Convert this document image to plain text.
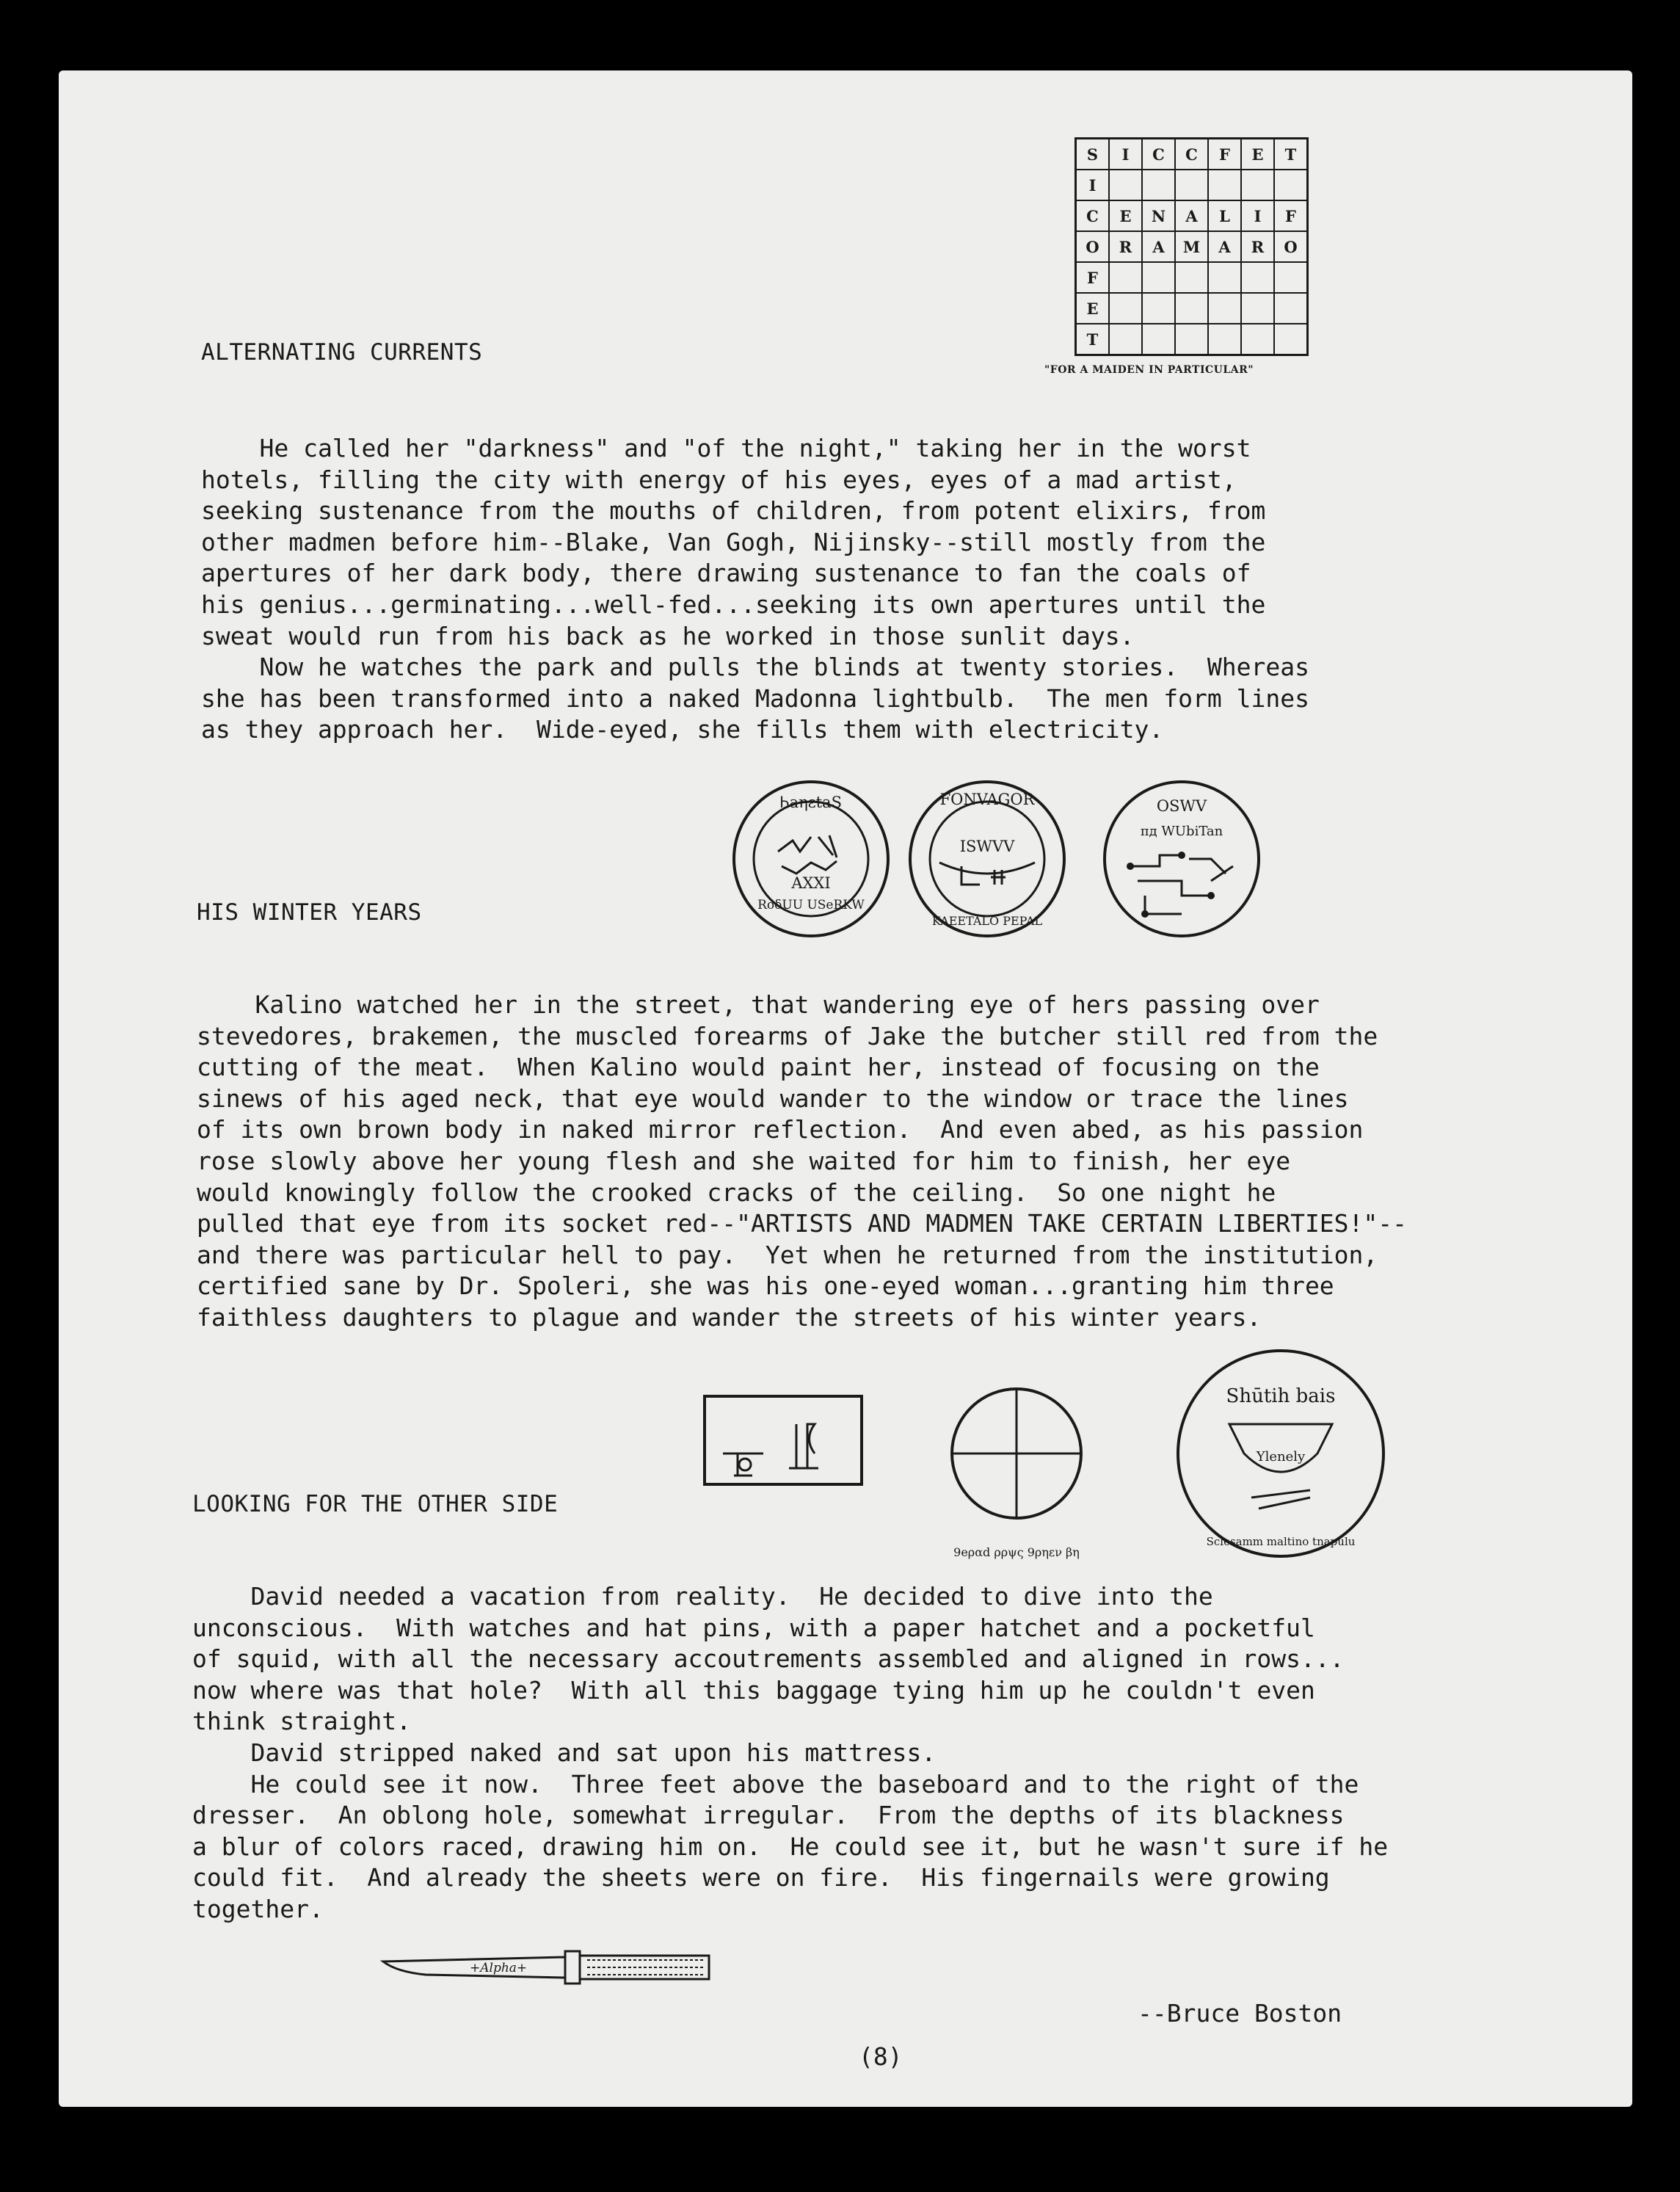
S	I	C	C	F	E	T
I
C	E	N	A	L	I	F
O	R	A	M	A	R	O
F
E
T
"FOR A MAIDEN IN PARTICULAR"
ALTERNATING CURRENTS
He called her "darkness" and "of the night," taking her in the worst
hotels, filling the city with energy of his eyes, eyes of a mad artist,
seeking sustenance from the mouths of children, from potent elixirs, from
other madmen before him--Blake, Van Gogh, Nijinsky--still mostly from the
apertures of her dark body, there drawing sustenance to fan the coals of
his genius...germinating...well-fed...seeking its own apertures until the
sweat would run from his back as he worked in those sunlit days.
Now he watches the park and pulls the blinds at twenty stories.  Whereas
she has been transformed into a naked Madonna lightbulb.  The men form lines
as they approach her.  Wide-eyed, she fills them with electricity.
ᏂaηɛtaS
RoδUU USeRKW
AXXI
FONVAGOR
ISWVV
KAEETALO PEPAL
OSWV
πд WUbiTan
HIS WINTER YEARS
Kalino watched her in the street, that wandering eye of hers passing over
stevedores, brakemen, the muscled forearms of Jake the butcher still red from the
cutting of the meat.  When Kalino would paint her, instead of focusing on the
sinews of his aged neck, that eye would wander to the window or trace the lines
of its own brown body in naked mirror reflection.  And even abed, as his passion
rose slowly above her young flesh and she waited for him to finish, her eye
would knowingly follow the crooked cracks of the ceiling.  So one night he
pulled that eye from its socket red--"ARTISTS AND MADMEN TAKE CERTAIN LIBERTIES!"--
and there was particular hell to pay.  Yet when he returned from the institution,
certified sane by Dr. Spoleri, she was his one-eyed woman...granting him three
faithless daughters to plague and wander the streets of his winter years.
9eραd ρρψς 9ρηεν βη
Shūtih bais
Ylenely
Sclesamm maltino tnapulu
LOOKING FOR THE OTHER SIDE
David needed a vacation from reality.  He decided to dive into the
unconscious.  With watches and hat pins, with a paper hatchet and a pocketful
of squid, with all the necessary accoutrements assembled and aligned in rows...
now where was that hole?  With all this baggage tying him up he couldn't even
think straight.
David stripped naked and sat upon his mattress.
He could see it now.  Three feet above the baseboard and to the right of the
dresser.  An oblong hole, somewhat irregular.  From the depths of its blackness
a blur of colors raced, drawing him on.  He could see it, but he wasn't sure if he
could fit.  And already the sheets were on fire.  His fingernails were growing
together.
+Alpha+
--Bruce Boston
(8)
